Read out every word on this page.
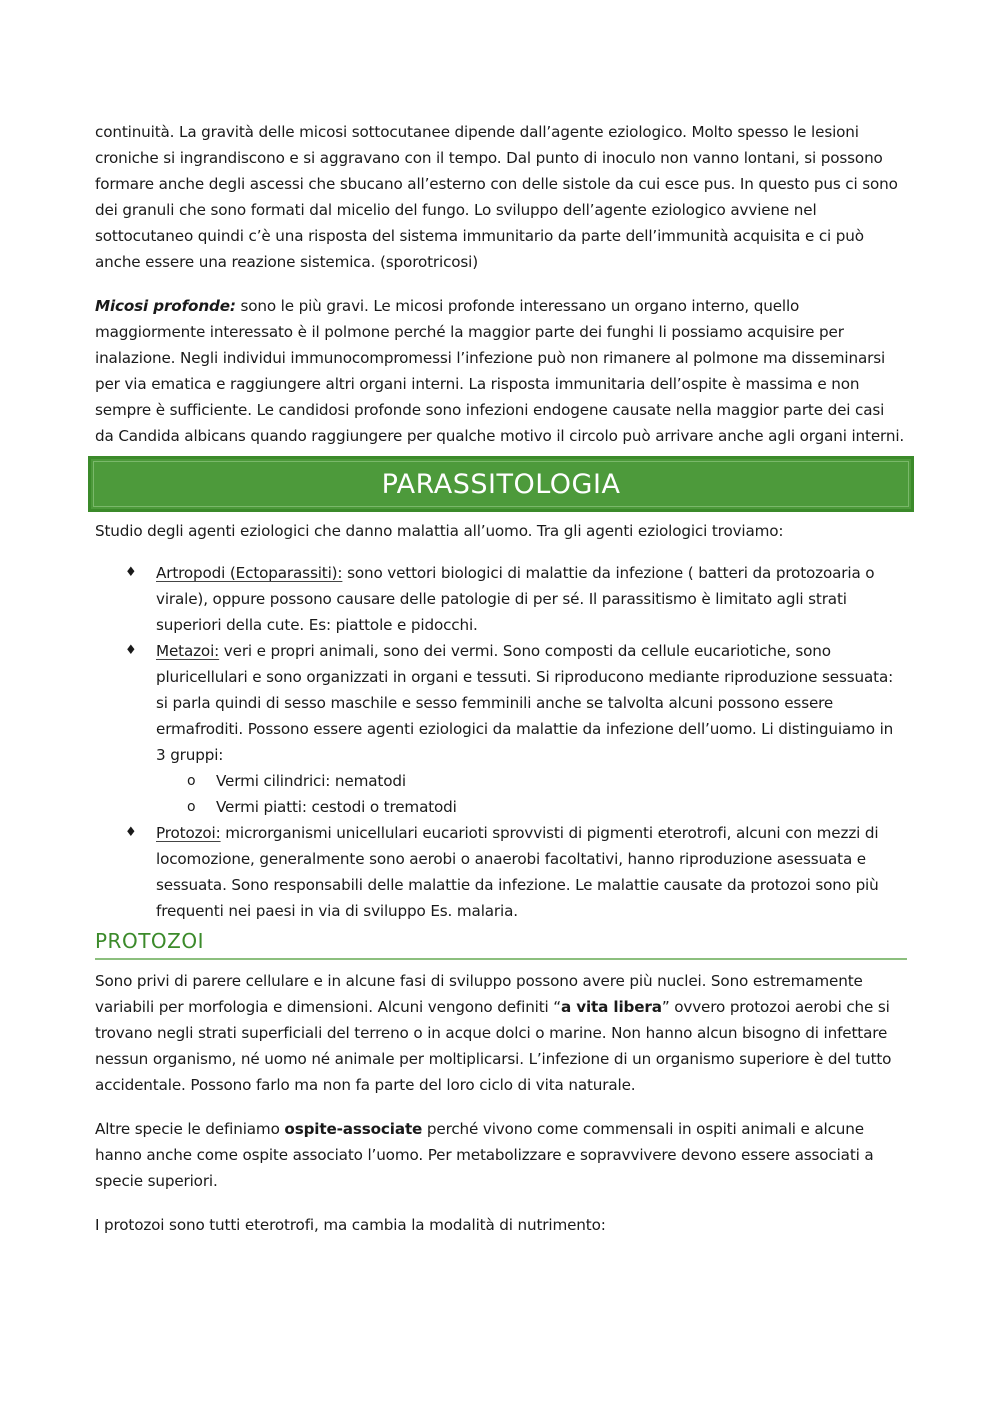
continuità. La gravità delle micosi sottocutanee dipende dall’agente eziologico. Molto spesso le lesioni croniche si ingrandiscono e si aggravano con il tempo. Dal punto di inoculo non vanno lontani, si possono formare anche degli ascessi che sbucano all’esterno con delle sistole da cui esce pus. In questo pus ci sono dei granuli che sono formati dal micelio del fungo. Lo sviluppo dell’agente eziologico avviene nel sottocutaneo quindi c’è una risposta del sistema immunitario da parte dell’immunità acquisita e ci può anche essere una reazione sistemica. (sporotricosi)

Micosi profonde: sono le più gravi. Le micosi profonde interessano un organo interno, quello maggiormente interessato è il polmone perché la maggior parte dei funghi li possiamo acquisire per inalazione. Negli individui immunocompromessi l’infezione può non rimanere al polmone ma disseminarsi per via ematica e raggiungere altri organi interni. La risposta immunitaria dell’ospite è massima e non sempre è sufficiente. Le candidosi profonde sono infezioni endogene causate nella maggior parte dei casi da Candida albicans quando raggiungere per qualche motivo il circolo può arrivare anche agli organi interni.

PARASSITOLOGIA

Studio degli agenti eziologici che danno malattia all’uomo. Tra gli agenti eziologici troviamo:

♦ Artropodi (Ectoparassiti): sono vettori biologici di malattie da infezione ( batteri da protozoaria o virale), oppure possono causare delle patologie di per sé. Il parassitismo è limitato agli strati superiori della cute. Es: piattole e pidocchi.

♦ Metazoi: veri e propri animali, sono dei vermi. Sono composti da cellule eucariotiche, sono pluricellulari e sono organizzati in organi e tessuti. Si riproducono mediante riproduzione sessuata: si parla quindi di sesso maschile e sesso femminili anche se talvolta alcuni possono essere ermafroditi. Possono essere agenti eziologici da malattie da infezione dell’uomo. Li distinguiamo in 3 gruppi:

o Vermi cilindrici: nematodi

o Vermi piatti: cestodi o trematodi

♦ Protozoi: microrganismi unicellulari eucarioti sprovvisti di pigmenti eterotrofi, alcuni con mezzi di locomozione, generalmente sono aerobi o anaerobi facoltativi, hanno riproduzione asessuata e sessuata. Sono responsabili delle malattie da infezione. Le malattie causate da protozoi sono più frequenti nei paesi in via di sviluppo Es. malaria.

PROTOZOI

Sono privi di parere cellulare e in alcune fasi di sviluppo possono avere più nuclei. Sono estremamente variabili per morfologia e dimensioni. Alcuni vengono definiti “a vita libera” ovvero protozoi aerobi che si trovano negli strati superficiali del terreno o in acque dolci o marine. Non hanno alcun bisogno di infettare nessun organismo, né uomo né animale per moltiplicarsi. L’infezione di un organismo superiore è del tutto accidentale. Possono farlo ma non fa parte del loro ciclo di vita naturale.

Altre specie le definiamo ospite-associate perché vivono come commensali in ospiti animali e alcune hanno anche come ospite associato l’uomo. Per metabolizzare e sopravvivere devono essere associati a specie superiori.

I protozoi sono tutti eterotrofi, ma cambia la modalità di nutrimento:
